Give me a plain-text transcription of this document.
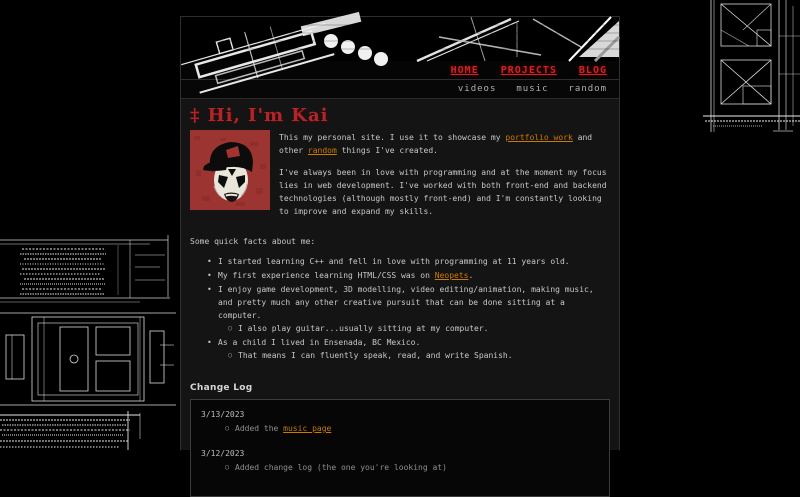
HOME PROJECTS BLOG
videos music random
‡ Hi, I'm Kai

This my personal site. I use it to showcase my portfolio work and other random things I've created.

I've always been in love with programming and at the moment my focus lies in web development. I've worked with both front-end and backend technologies (although mostly front-end) and I'm constantly looking to improve and expand my skills.

Some quick facts about me:

• I started learning C++ and fell in love with programming at 11 years old.
• My first experience learning HTML/CSS was on Neopets.
• I enjoy game development, 3D modelling, video editing/animation, making music, and pretty much any other creative pursuit that can be done sitting at a computer.
○ I also play guitar...usually sitting at my computer.
• As a child I lived in Ensenada, BC Mexico.
○ That means I can fluently speak, read, and write Spanish.
Change Log
3/13/2023
○ Added the music page
3/12/2023
○ Added change log (the one you're looking at)
